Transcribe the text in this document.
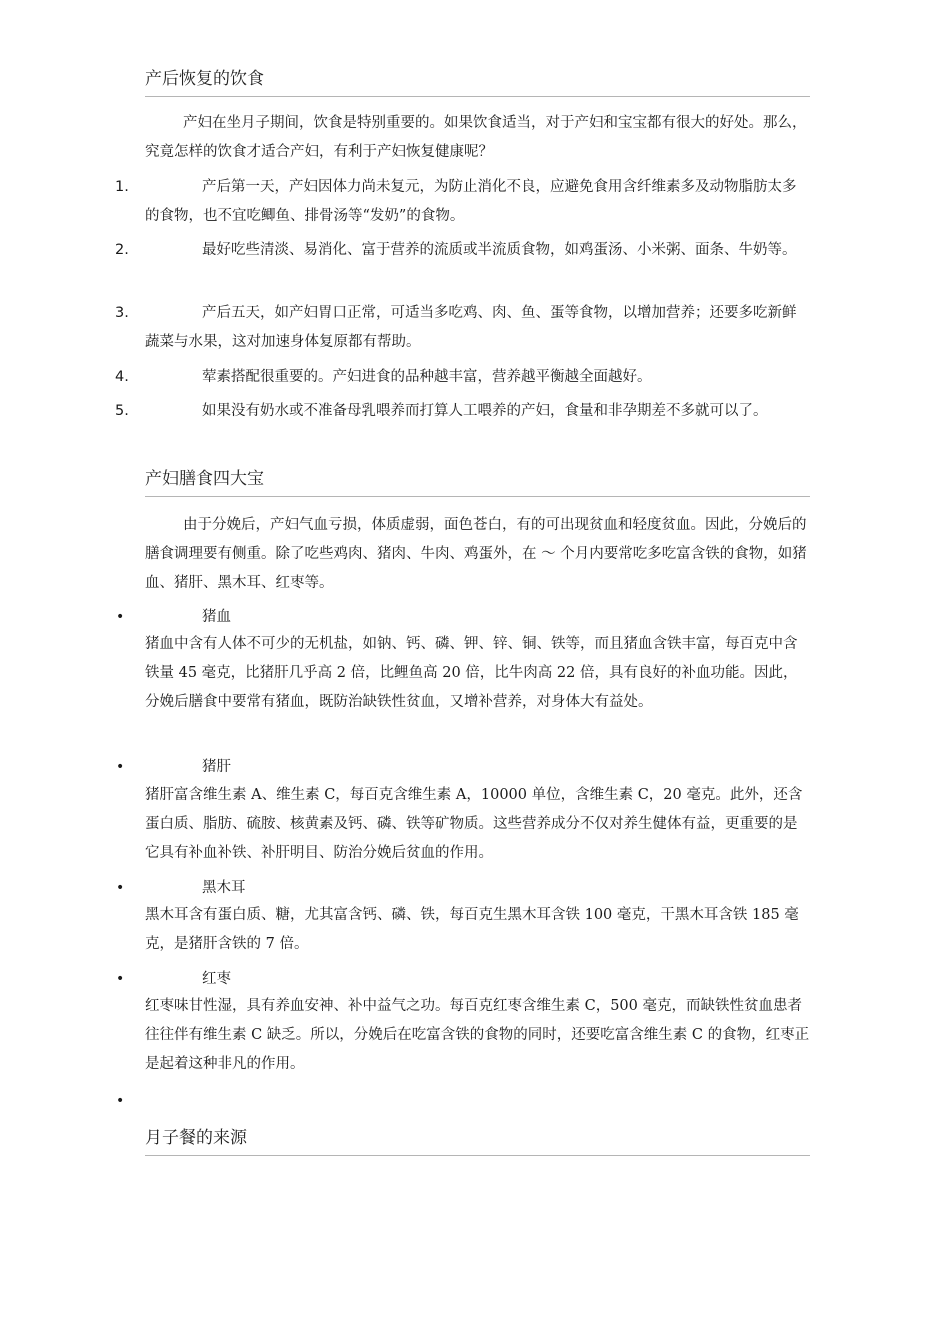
产后恢复的饮食

产妇在坐月子期间，饮食是特别重要的。如果饮食适当，对于产妇和宝宝都有很大的好处。那么，究竟怎样的饮食才适合产妇，有利于产妇恢复健康呢？

1.	产后第一天，产妇因体力尚未复元，为防止消化不良，应避免食用含纤维素多及动物脂肪太多的食物，也不宜吃鲫鱼、排骨汤等“发奶”的食物。

2.	最好吃些清淡、易消化、富于营养的流质或半流质食物，如鸡蛋汤、小米粥、面条、牛奶等。

3.	产后五天，如产妇胃口正常，可适当多吃鸡、肉、鱼、蛋等食物，以增加营养；还要多吃新鲜蔬菜与水果，这对加速身体复原都有帮助。

4.	荤素搭配很重要的。产妇进食的品种越丰富，营养越平衡越全面越好。

5.	如果没有奶水或不准备母乳喂养而打算人工喂养的产妇，食量和非孕期差不多就可以了。

产妇膳食四大宝

由于分娩后，产妇气血亏损，体质虚弱，面色苍白，有的可出现贫血和轻度贫血。因此，分娩后的膳食调理要有侧重。除了吃些鸡肉、猪肉、牛肉、鸡蛋外，在 ～ 个月内要常吃多吃富含铁的食物，如猪血、猪肝、黑木耳、红枣等。

•	猪血

猪血中含有人体不可少的无机盐，如钠、钙、磷、钾、锌、铜、铁等，而且猪血含铁丰富，每百克中含铁量 45 毫克，比猪肝几乎高 2 倍，比鲤鱼高 20 倍，比牛肉高 22 倍，具有良好的补血功能。因此，分娩后膳食中要常有猪血，既防治缺铁性贫血，又增补营养，对身体大有益处。

•	猪肝

猪肝富含维生素 A、维生素 C，每百克含维生素 A，10000 单位，含维生素 C，20 毫克。此外，还含蛋白质、脂肪、硫胺、核黄素及钙、磷、铁等矿物质。这些营养成分不仅对养生健体有益，更重要的是它具有补血补铁、补肝明目、防治分娩后贫血的作用。

•	黑木耳

黑木耳含有蛋白质、糖，尤其富含钙、磷、铁，每百克生黑木耳含铁 100 毫克，干黑木耳含铁 185 毫克，是猪肝含铁的 7 倍。

•	红枣

红枣味甘性湿，具有养血安神、补中益气之功。每百克红枣含维生素 C，500 毫克，而缺铁性贫血患者往往伴有维生素 C 缺乏。所以，分娩后在吃富含铁的食物的同时，还要吃富含维生素 C 的食物，红枣正是起着这种非凡的作用。

•
月子餐的来源
